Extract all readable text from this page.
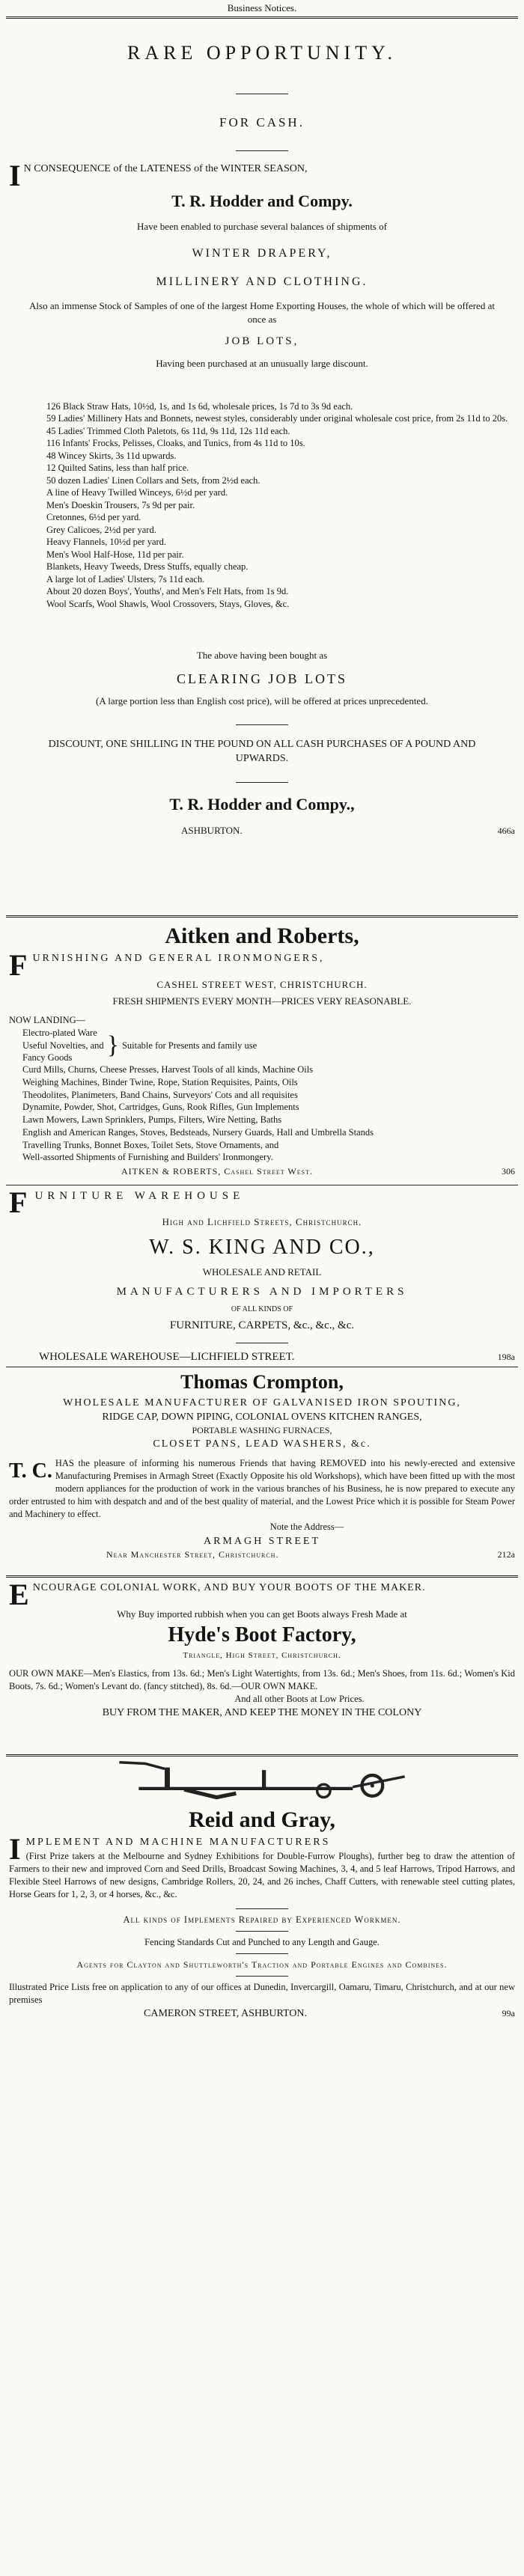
Business Notices.
RARE OPPORTUNITY.
FOR CASH.
I N CONSEQUENCE of the LATENESS of the WINTER SEASON,
T. R. Hodder and Compy.
Have been enabled to purchase several balances of shipments of
WINTER DRAPERY,
MILLINERY AND CLOTHING.
Also an immense Stock of Samples of one of the largest Home Exporting Houses, the whole of which will be offered at once as
JOB LOTS,
Having been purchased at an unusually large discount.
126 Black Straw Hats, 10½d, 1s, and 1s 6d, wholesale prices, 1s 7d to 3s 9d each.
59 Ladies' Millinery Hats and Bonnets, newest styles, considerably under original wholesale cost price, from 2s 11d to 20s.
45 Ladies' Trimmed Cloth Paletots, 6s 11d, 9s 11d, 12s 11d each.
116 Infants' Frocks, Pelisses, Cloaks, and Tunics, from 4s 11d to 10s.
48 Wincey Skirts, 3s 11d upwards.
12 Quilted Satins, less than half price.
50 dozen Ladies' Linen Collars and Sets, from 2½d each.
A line of Heavy Twilled Winceys, 6½d per yard.
Men's Doeskin Trousers, 7s 9d per pair.
Cretonnes, 6½d per yard.
Grey Calicoes, 2½d per yard.
Heavy Flannels, 10½d per yard.
Men's Wool Half-Hose, 11d per pair.
Blankets, Heavy Tweeds, Dress Stuffs, equally cheap.
A large lot of Ladies' Ulsters, 7s 11d each.
About 20 dozen Boys', Youths', and Men's Felt Hats, from 1s 9d.
Wool Scarfs, Wool Shawls, Wool Crossovers, Stays, Gloves, &c.
The above having been bought as
CLEARING JOB LOTS
(A large portion less than English cost price), will be offered at prices unprecedented.
DISCOUNT, ONE SHILLING IN THE POUND ON ALL CASH PURCHASES OF A POUND AND UPWARDS.
T. R. Hodder and Compy.,
ASHBURTON.	466a
Aitken and Roberts,
F URNISHING AND GENERAL IRONMONGERS,
CASHEL STREET WEST, CHRISTCHURCH.
FRESH SHIPMENTS EVERY MONTH—PRICES VERY REASONABLE.
NOW LANDING—
Electro-plated Ware
Useful Novelties, and
Fancy Goods	} Suitable for Presents and family use
Curd Mills, Churns, Cheese Presses, Harvest Tools of all kinds, Machine Oils
Weighing Machines, Binder Twine, Rope, Station Requisites, Paints, Oils
Theodolites, Planimeters, Band Chains, Surveyors' Cots and all requisites
Dynamite, Powder, Shot, Cartridges, Guns, Rook Rifles, Gun Implements
Lawn Mowers, Lawn Sprinklers, Pumps, Filters, Wire Netting, Baths
English and American Ranges, Stoves, Bedsteads, Nursery Guards, Hall and Umbrella Stands
Travelling Trunks, Bonnet Boxes, Toilet Sets, Stove Ornaments, and
Well-assorted Shipments of Furnishing and Builders' Ironmongery.
AITKEN & ROBERTS, Cashel Street West.	306
F URNITURE WAREHOUSE
High and Lichfield Streets, Christchurch.
W. S. KING AND CO.,
WHOLESALE AND RETAIL
MANUFACTURERS AND IMPORTERS
OF ALL KINDS OF
FURNITURE, CARPETS, &c., &c., &c.
WHOLESALE WAREHOUSE—LICHFIELD STREET.	198a
Thomas Crompton,
WHOLESALE MANUFACTURER OF GALVANISED IRON SPOUTING,
RIDGE CAP, DOWN PIPING, COLONIAL OVENS KITCHEN RANGES,
PORTABLE WASHING FURNACES,
CLOSET PANS, LEAD WASHERS, &c.
T. C. HAS the pleasure of informing his numerous Friends that having REMOVED into his newly-erected and extensive Manufacturing Premises in Armagh Street (Exactly Opposite his old Workshops), which have been fitted up with the most modern appliances for the production of work in the various branches of his Business, he is now prepared to execute any order entrusted to him with despatch and and of the best quality of material, and the Lowest Price which it is possible for Steam Power and Machinery to effect.
Note the Address—
ARMAGH STREET
Near Manchester Street, Christchurch.	212a
E NCOURAGE COLONIAL WORK, AND BUY YOUR BOOTS OF THE MAKER.
Why Buy imported rubbish when you can get Boots always Fresh Made at
Hyde's Boot Factory,
Triangle, High Street, Christchurch.
OUR OWN MAKE—Men's Elastics, from 13s. 6d.; Men's Light Watertights, from 13s. 6d.; Men's Shoes, from 11s. 6d.; Women's Kid Boots, 7s. 6d.; Women's Levant do. (fancy stitched), 8s. 6d.—OUR OWN MAKE.
And all other Boots at Low Prices.
BUY FROM THE MAKER, AND KEEP THE MONEY IN THE COLONY
Reid and Gray,
I MPLEMENT AND MACHINE MANUFACTURERS
(First Prize takers at the Melbourne and Sydney Exhibitions for Double-Furrow Ploughs), further beg to draw the attention of Farmers to their new and improved Corn and Seed Drills, Broadcast Sowing Machines, 3, 4, and 5 leaf Harrows, Tripod Harrows, and Flexible Steel Harrows of new designs, Cambridge Rollers, 20, 24, and 26 inches, Chaff Cutters, with renewable steel cutting plates, Horse Gears for 1, 2, 3, or 4 horses, &c., &c.
All kinds of Implements Repaired by Experienced Workmen.
Fencing Standards Cut and Punched to any Length and Gauge.
Agents for Clayton and Shuttleworth's Traction and Portable Engines and Combines.
Illustrated Price Lists free on application to any of our offices at Dunedin, Invercargill, Oamaru, Timaru, Christchurch, and at our new premises
CAMERON STREET, ASHBURTON.	99a
